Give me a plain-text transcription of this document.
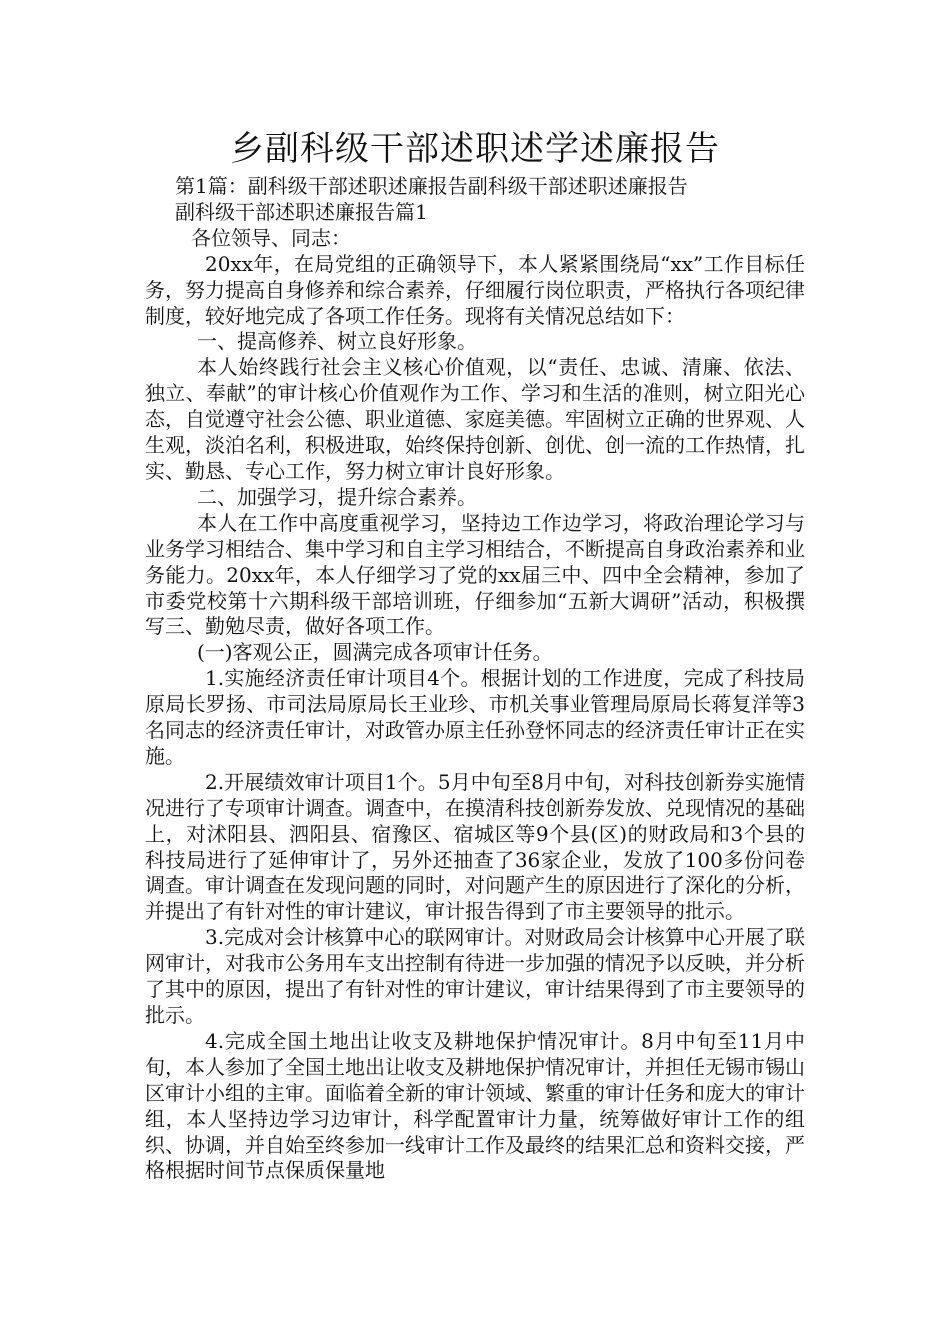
乡副科级干部述职述学述廉报告

第1篇：副科级干部述职述廉报告副科级干部述职述廉报告

副科级干部述职述廉报告篇1

各位领导、同志：

20xx年，在局党组的正确领导下，本人紧紧围绕局“xx”工作目标任务，努力提高自身修养和综合素养，仔细履行岗位职责，严格执行各项纪律制度，较好地完成了各项工作任务。现将有关情况总结如下：

一、提高修养、树立良好形象。

本人始终践行社会主义核心价值观，以“责任、忠诚、清廉、依法、独立、奉献”的审计核心价值观作为工作、学习和生活的准则，树立阳光心态，自觉遵守社会公德、职业道德、家庭美德。牢固树立正确的世界观、人生观，淡泊名利，积极进取，始终保持创新、创优、创一流的工作热情，扎实、勤恳、专心工作，努力树立审计良好形象。

二、加强学习，提升综合素养。

本人在工作中高度重视学习，坚持边工作边学习，将政治理论学习与业务学习相结合、集中学习和自主学习相结合，不断提高自身政治素养和业务能力。20xx年，本人仔细学习了党的xx届三中、四中全会精神，参加了市委党校第十六期科级干部培训班，仔细参加“五新大调研”活动，积极撰写三、勤勉尽责，做好各项工作。

(一)客观公正，圆满完成各项审计任务。

1.实施经济责任审计项目4个。根据计划的工作进度，完成了科技局原局长罗扬、市司法局原局长王业珍、市机关事业管理局原局长蒋复洋等3名同志的经济责任审计，对政管办原主任孙登怀同志的经济责任审计正在实施。

2.开展绩效审计项目1个。5月中旬至8月中旬，对科技创新券实施情况进行了专项审计调查。调查中，在摸清科技创新券发放、兑现情况的基础上，对沭阳县、泗阳县、宿豫区、宿城区等9个县(区)的财政局和3个县的科技局进行了延伸审计了，另外还抽查了36家企业，发放了100多份问卷调查。审计调查在发现问题的同时，对问题产生的原因进行了深化的分析，并提出了有针对性的审计建议，审计报告得到了市主要领导的批示。

3.完成对会计核算中心的联网审计。对财政局会计核算中心开展了联网审计，对我市公务用车支出控制有待进一步加强的情况予以反映，并分析了其中的原因，提出了有针对性的审计建议，审计结果得到了市主要领导的批示。

4.完成全国土地出让收支及耕地保护情况审计。8月中旬至11月中旬，本人参加了全国土地出让收支及耕地保护情况审计，并担任无锡市锡山区审计小组的主审。面临着全新的审计领域、繁重的审计任务和庞大的审计组，本人坚持边学习边审计，科学配置审计力量，统筹做好审计工作的组织、协调，并自始至终参加一线审计工作及最终的结果汇总和资料交接，严格根据时间节点保质保量地
